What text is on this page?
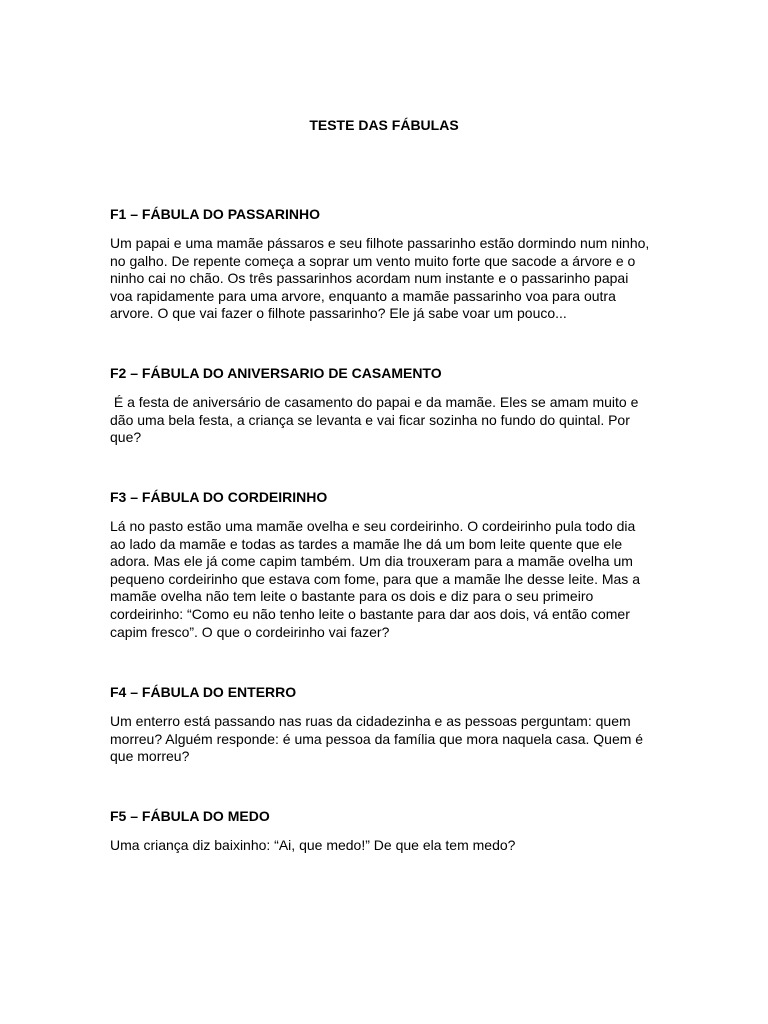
TESTE DAS FÁBULAS
F1 – FÁBULA DO PASSARINHO

Um papai e uma mamãe pássaros e seu filhote passarinho estão dormindo num ninho,
no galho. De repente começa a soprar um vento muito forte que sacode a árvore e o
ninho cai no chão. Os três passarinhos acordam num instante e o passarinho papai
voa rapidamente para uma arvore, enquanto a mamãe passarinho voa para outra
arvore. O que vai fazer o filhote passarinho? Ele já sabe voar um pouco...

F2 – FÁBULA DO ANIVERSARIO DE CASAMENTO

É a festa de aniversário de casamento do papai e da mamãe. Eles se amam muito e
dão uma bela festa, a criança se levanta e vai ficar sozinha no fundo do quintal. Por
que?

F3 – FÁBULA DO CORDEIRINHO

Lá no pasto estão uma mamãe ovelha e seu cordeirinho. O cordeirinho pula todo dia
ao lado da mamãe e todas as tardes a mamãe lhe dá um bom leite quente que ele
adora. Mas ele já come capim também. Um dia trouxeram para a mamãe ovelha um
pequeno cordeirinho que estava com fome, para que a mamãe lhe desse leite. Mas a
mamãe ovelha não tem leite o bastante para os dois e diz para o seu primeiro
cordeirinho: “Como eu não tenho leite o bastante para dar aos dois, vá então comer
capim fresco”. O que o cordeirinho vai fazer?

F4 – FÁBULA DO ENTERRO

Um enterro está passando nas ruas da cidadezinha e as pessoas perguntam: quem
morreu? Alguém responde: é uma pessoa da família que mora naquela casa. Quem é
que morreu?

F5 – FÁBULA DO MEDO

Uma criança diz baixinho: “Ai, que medo!” De que ela tem medo?
